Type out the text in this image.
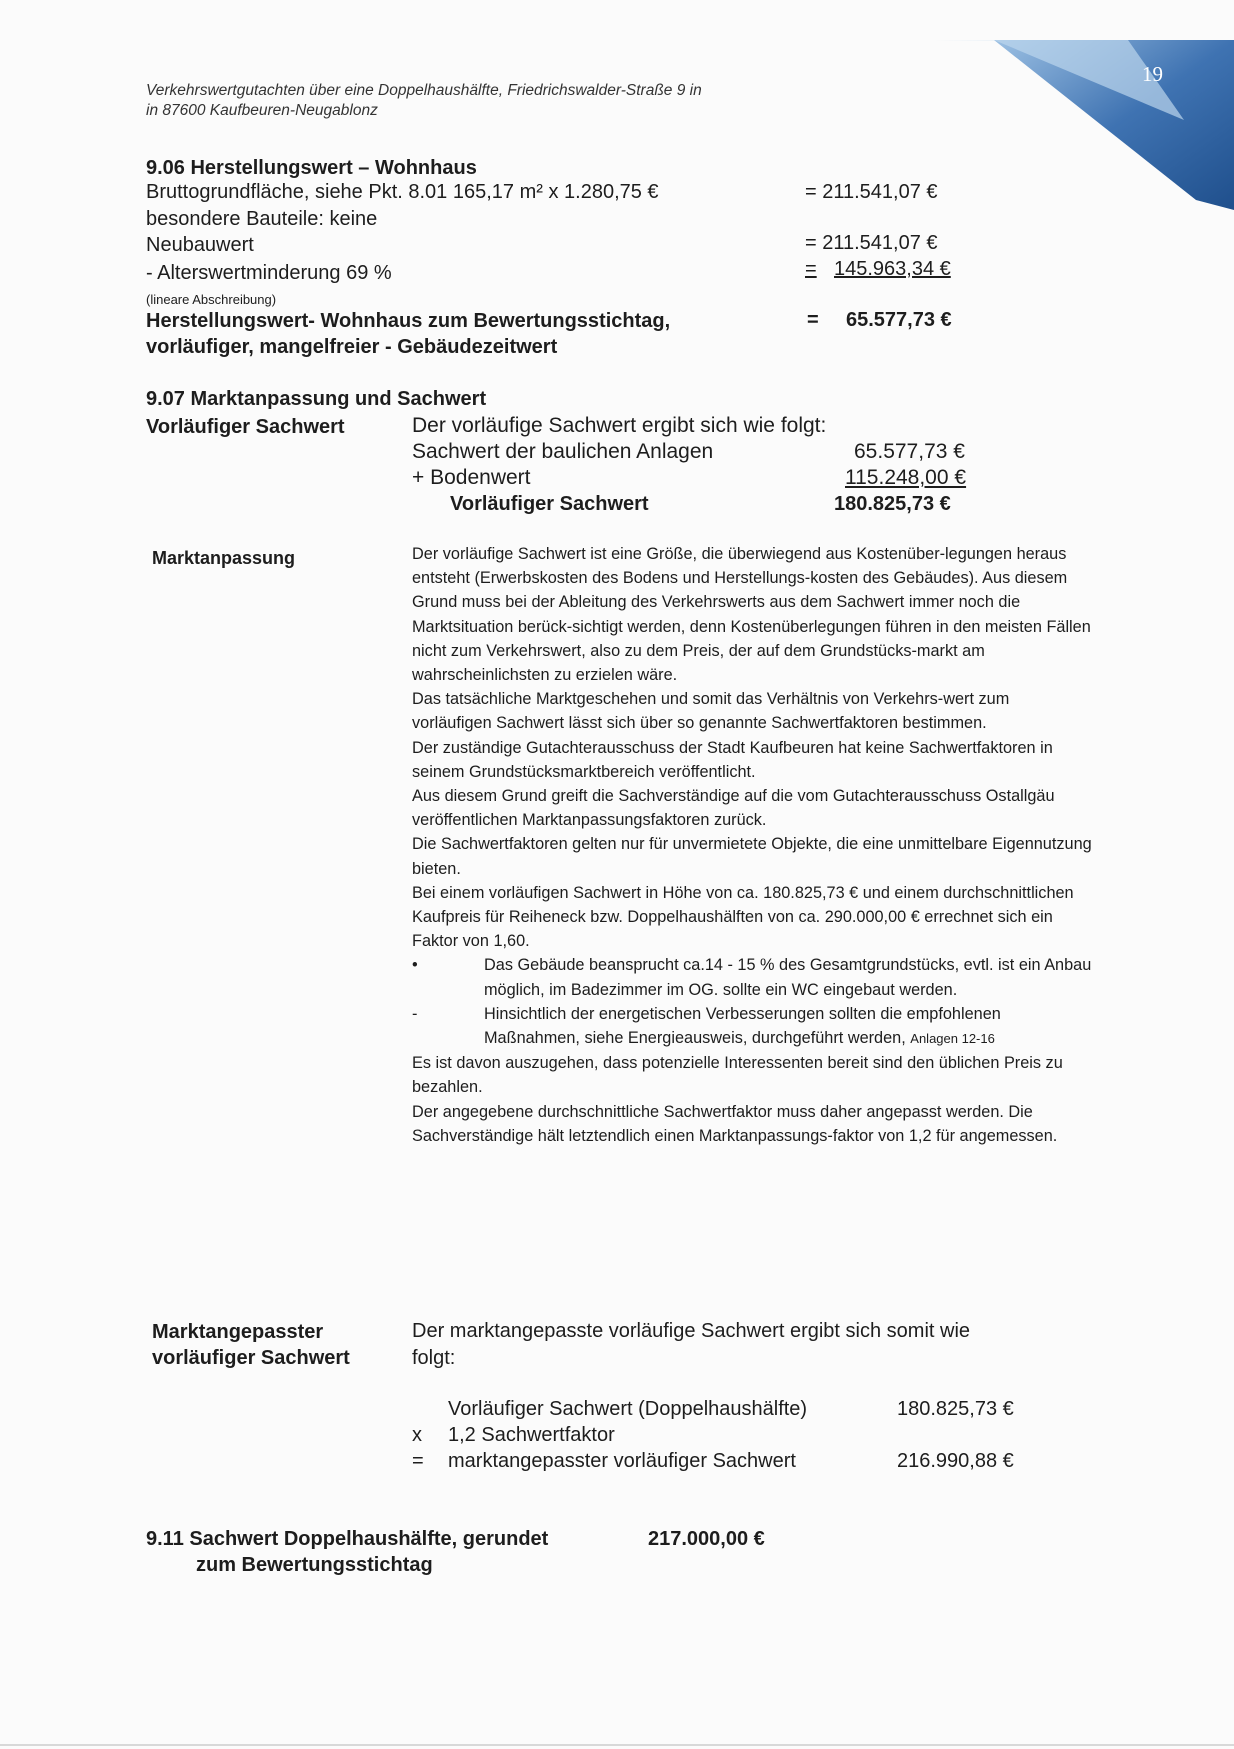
19
Verkehrswertgutachten über eine Doppelhaushälfte, Friedrichswalder-Straße 9 in
in 87600 Kaufbeuren-Neugablonz
9.06 Herstellungswert – Wohnhaus
Bruttogrundfläche, siehe Pkt. 8.01 165,17 m² x 1.280,75 €	= 211.541,07 €
besondere Bauteile: keine
Neubauwert	= 211.541,07 €
- Alterswertminderung 69 %	= 145.963,34 €
(lineare Abschreibung)
Herstellungswert- Wohnhaus zum Bewertungsstichtag,
vorläufiger, mangelfreier - Gebäudezeitwert
= 65.577,73 €
9.07 Marktanpassung und Sachwert
Vorläufiger Sachwert	Der vorläufige Sachwert ergibt sich wie folgt:
Sachwert der baulichen Anlagen	65.577,73 €
+ Bodenwert	115.248,00 €
Vorläufiger Sachwert	180.825,73 €
Marktanpassung	Der vorläufige Sachwert ist eine Größe, die überwiegend aus Kostenüber-legungen heraus entsteht (Erwerbskosten des Bodens und Herstellungs-kosten des Gebäudes). Aus diesem Grund muss bei der Ableitung des Verkehrswerts aus dem Sachwert immer noch die Marktsituation berück-sichtigt werden, denn Kostenüberlegungen führen in den meisten Fällen nicht zum Verkehrswert, also zu dem Preis, der auf dem Grundstücks-markt am wahrscheinlichsten zu erzielen wäre.

Das tatsächliche Marktgeschehen und somit das Verhältnis von Verkehrs-wert zum vorläufigen Sachwert lässt sich über so genannte Sachwertfaktoren bestimmen.

Der zuständige Gutachterausschuss der Stadt Kaufbeuren hat keine Sachwertfaktoren in seinem Grundstücksmarktbereich veröffentlicht.

Aus diesem Grund greift die Sachverständige auf die vom Gutachterausschuss Ostallgäu veröffentlichen Marktanpassungsfaktoren zurück.

Die Sachwertfaktoren gelten nur für unvermietete Objekte, die eine unmittelbare Eigennutzung bieten.

Bei einem vorläufigen Sachwert in Höhe von ca. 180.825,73 € und einem durchschnittlichen Kaufpreis für Reiheneck bzw. Doppelhaushälften von ca. 290.000,00 € errechnet sich ein Faktor von 1,60.

•	Das Gebäude beansprucht ca.14 - 15 % des Gesamtgrundstücks, evtl. ist ein Anbau möglich, im Badezimmer im OG. sollte ein WC eingebaut werden.
-	Hinsichtlich der energetischen Verbesserungen sollten die empfohlenen Maßnahmen, siehe Energieausweis, durchgeführt werden, Anlagen 12-16

Es ist davon auszugehen, dass potenzielle Interessenten bereit sind den üblichen Preis zu bezahlen.

Der angegebene durchschnittliche Sachwertfaktor muss daher angepasst werden. Die Sachverständige hält letztendlich einen Marktanpassungs-faktor von 1,2 für angemessen.

Marktangepasster
vorläufiger Sachwert
Der marktangepasste vorläufige Sachwert ergibt sich somit wie
folgt:
Vorläufiger Sachwert (Doppelhaushälfte)	180.825,73 €
x 1,2 Sachwertfaktor
= marktangepasster vorläufiger Sachwert	216.990,88 €
9.11 Sachwert Doppelhaushälfte, gerundet
zum Bewertungsstichtag
217.000,00 €
